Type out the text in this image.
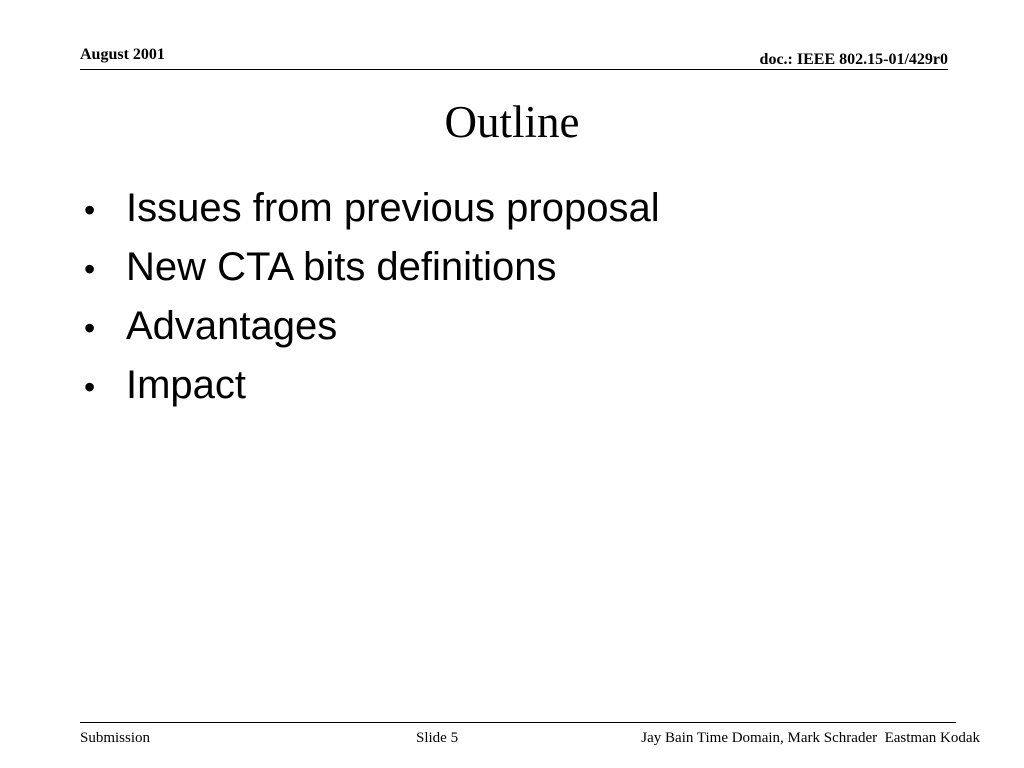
August 2001	doc.: IEEE 802.15-01/429r0
Outline
• Issues from previous proposal
• New CTA bits definitions
• Advantages
• Impact
Submission	Slide 5	Jay Bain Time Domain, Mark Schrader  Eastman Kodak
